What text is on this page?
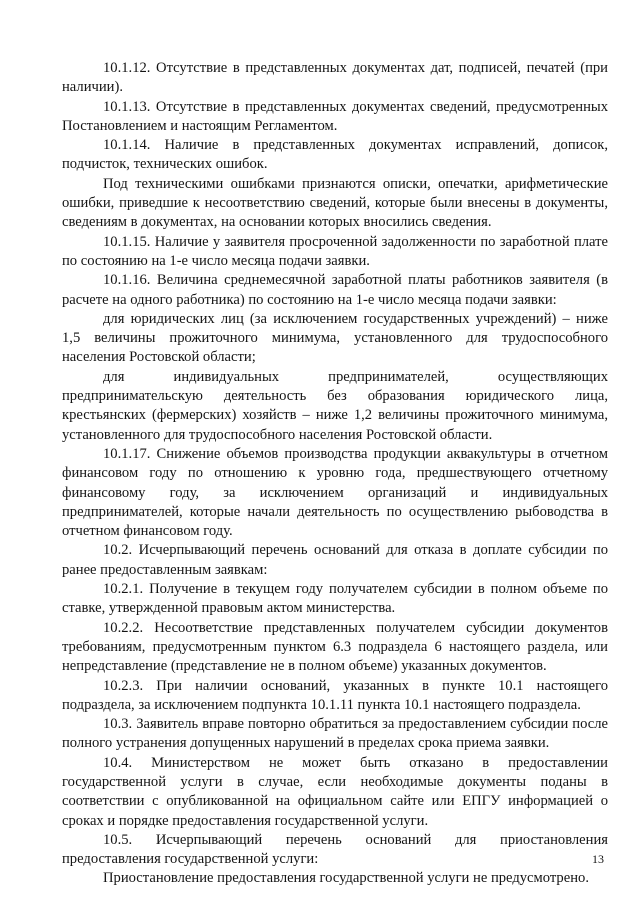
10.1.12. Отсутствие в представленных документах дат, подписей, печатей (при наличии).

10.1.13. Отсутствие в представленных документах сведений, предусмотренных Постановлением и настоящим Регламентом.

10.1.14. Наличие в представленных документах исправлений, дописок, подчисток, технических ошибок.

Под техническими ошибками признаются описки, опечатки, арифметические ошибки, приведшие к несоответствию сведений, которые были внесены в документы, сведениям в документах, на основании которых вносились сведения.

10.1.15. Наличие у заявителя просроченной задолженности по заработной плате по состоянию на 1-е число месяца подачи заявки.

10.1.16. Величина среднемесячной заработной платы работников заявителя (в расчете на одного работника) по состоянию на 1-е число месяца подачи заявки:

для юридических лиц (за исключением государственных учреждений) – ниже 1,5 величины прожиточного минимума, установленного для трудоспособного населения Ростовской области;

для индивидуальных предпринимателей, осуществляющих предпринимательскую деятельность без образования юридического лица, крестьянских (фермерских) хозяйств – ниже 1,2 величины прожиточного минимума, установленного для трудоспособного населения Ростовской области.

10.1.17. Снижение объемов производства продукции аквакультуры в отчетном финансовом году по отношению к уровню года, предшествующего отчетному финансовому году, за исключением организаций и индивидуальных предпринимателей, которые начали деятельность по осуществлению рыбоводства в отчетном финансовом году.

10.2. Исчерпывающий перечень оснований для отказа в доплате субсидии по ранее предоставленным заявкам:

10.2.1. Получение в текущем году получателем субсидии в полном объеме по ставке, утвержденной правовым актом министерства.

10.2.2. Несоответствие представленных получателем субсидии документов требованиям, предусмотренным пунктом 6.3 подраздела 6 настоящего раздела, или непредставление (представление не в полном объеме) указанных документов.

10.2.3. При наличии оснований, указанных в пункте 10.1 настоящего подраздела, за исключением подпункта 10.1.11 пункта 10.1 настоящего подраздела.

10.3. Заявитель вправе повторно обратиться за предоставлением субсидии после полного устранения допущенных нарушений в пределах срока приема заявки.

10.4. Министерством не может быть отказано в предоставлении государственной услуги в случае, если необходимые документы поданы в соответствии с опубликованной на официальном сайте или ЕПГУ информацией о сроках и порядке предоставления государственной услуги.

10.5. Исчерпывающий перечень оснований для приостановления предоставления государственной услуги:

Приостановление предоставления государственной услуги не предусмотрено.

13
